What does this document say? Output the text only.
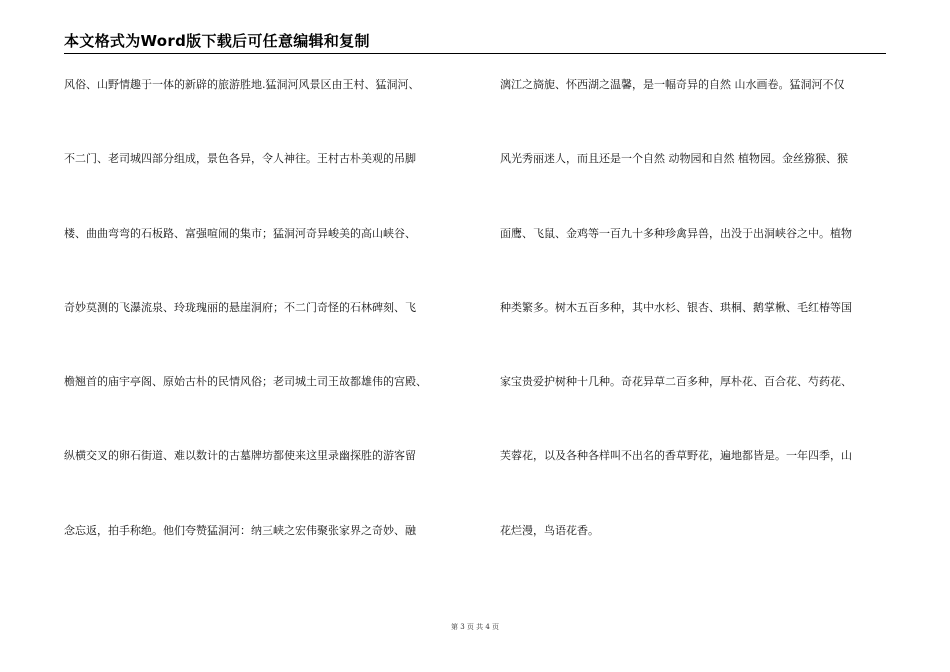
本文格式为Word版下载后可任意编辑和复制
风俗、山野情趣于一体的新辟的旅游胜地.猛洞河风景区由王村、猛洞河、
不二门、老司城四部分组成，景色各异，令人神往。王村古朴美观的吊脚
楼、曲曲弯弯的石板路、富强喧闹的集市；猛洞河奇异峻美的高山峡谷、
奇妙莫测的飞瀑流泉、玲珑瑰丽的悬崖洞府；不二门奇怪的石林碑刻、飞
檐翘首的庙宇亭阁、原始古朴的民情风俗；老司城土司王故都雄伟的宫殿、
纵横交叉的卵石街道、难以数计的古墓牌坊都使来这里录幽探胜的游客留
念忘返，拍手称绝。他们夸赞猛洞河：纳三峡之宏伟聚张家界之奇妙、融
漓江之旖旎、怀西湖之温馨，是一幅奇异的自然 山水画卷。猛洞河不仅
风光秀丽迷人，而且还是一个自然 动物园和自然 植物园。金丝猕猴、猴
面鹰、飞鼠、金鸡等一百九十多种珍禽异兽，出没于出洞峡谷之中。植物
种类繁多。树木五百多种，其中水杉、银杏、珙桐、鹅掌楸、毛红椿等国
家宝贵爱护树种十几种。奇花异草二百多种，厚朴花、百合花、芍药花、
芙蓉花，以及各种各样叫不出名的香草野花，遍地都皆是。一年四季，山
花烂漫，鸟语花香。
第 3 页 共 4 页
